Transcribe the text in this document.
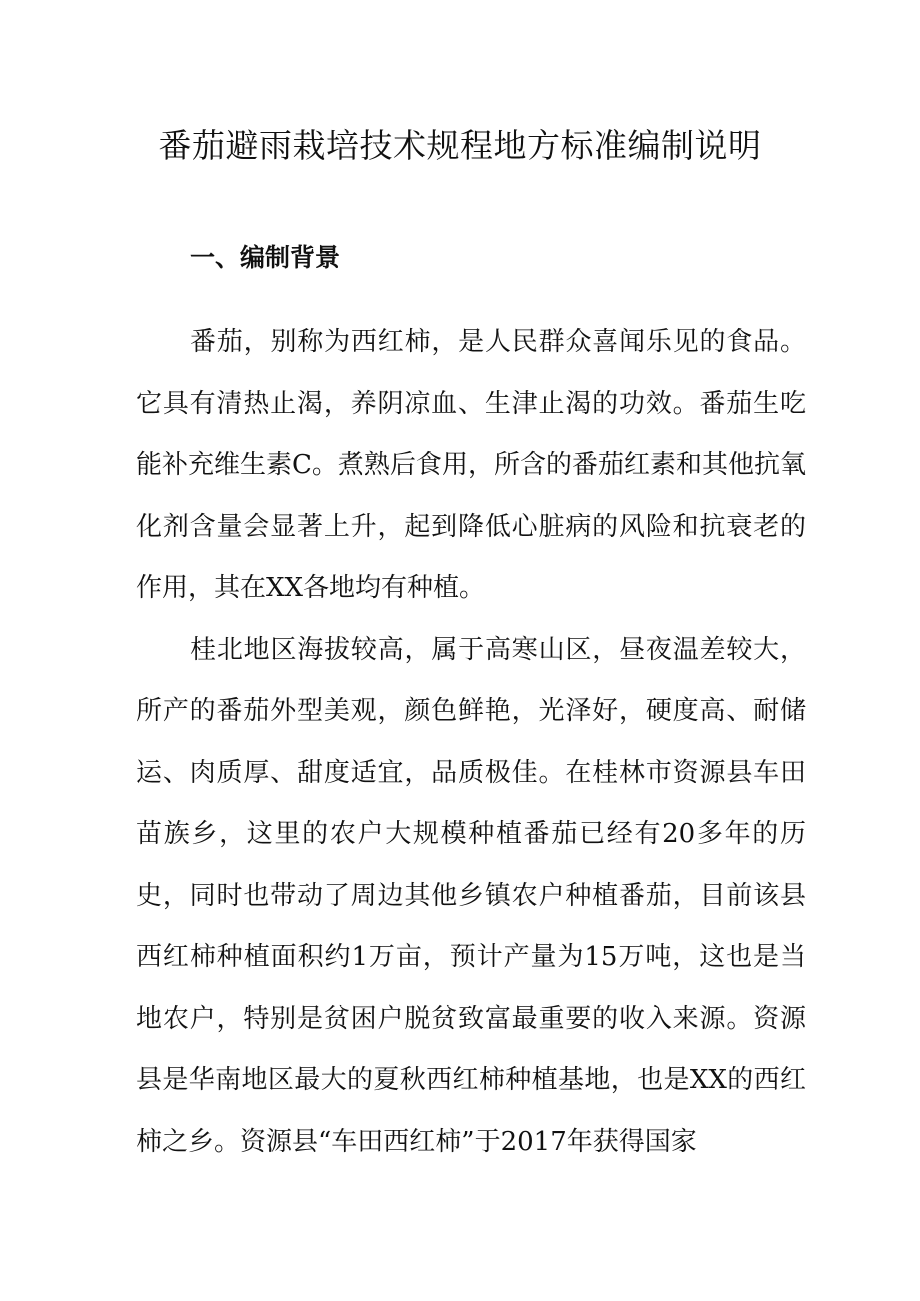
番茄避雨栽培技术规程地方标准编制说明
一、编制背景

番茄，别称为西红柿，是人民群众喜闻乐见的食品。它具有清热止渴，养阴凉血、生津止渴的功效。番茄生吃能补充维生素C。煮熟后食用，所含的番茄红素和其他抗氧化剂含量会显著上升，起到降低心脏病的风险和抗衰老的作用，其在XX各地均有种植。

桂北地区海拔较高，属于高寒山区，昼夜温差较大，所产的番茄外型美观，颜色鲜艳，光泽好，硬度高、耐储运、肉质厚、甜度适宜，品质极佳。在桂林市资源县车田苗族乡，这里的农户大规模种植番茄已经有20多年的历史，同时也带动了周边其他乡镇农户种植番茄，目前该县西红柿种植面积约1万亩，预计产量为15万吨，这也是当地农户，特别是贫困户脱贫致富最重要的收入来源。资源县是华南地区最大的夏秋西红柿种植基地，也是XX的西红柿之乡。资源县“车田西红柿”于2017年获得国家
